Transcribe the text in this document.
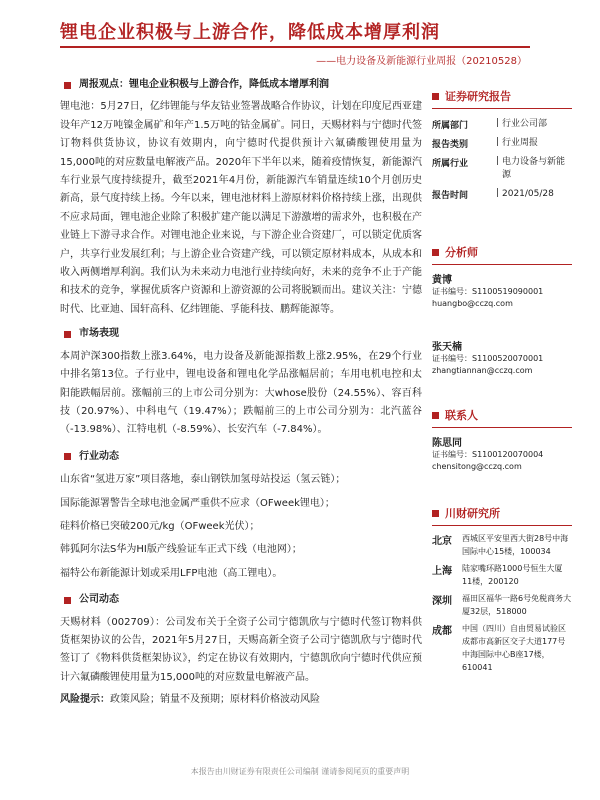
锂电企业积极与上游合作，降低成本增厚利润
——电力设备及新能源行业周报（20210528）
周报观点：锂电企业积极与上游合作，降低成本增厚利润
锂电池：5月27日，亿纬锂能与华友钴业签署战略合作协议，计划在印度尼西亚建设年产12万吨镍金属矿和年产1.5万吨的钴金属矿。同日，天赐材料与宁德时代签订物料供货协议，协议有效期内，向宁德时代提供预计六氟磷酸锂使用量为15,000吨的对应数量电解液产品。2020年下半年以来，随着疫情恢复，新能源汽车行业景气度持续提升，截至2021年4月份，新能源汽车销量连续10个月创历史新高，景气度持续上扬。今年以来，锂电池材料上游原材料价格持续上涨，出现供不应求局面，锂电池企业除了积极扩建产能以满足下游激增的需求外，也积极在产业链上下游寻求合作。对锂电池企业来说，与下游企业合资建厂，可以锁定优质客户，共享行业发展红利；与上游企业合资建产线，可以锁定原材料成本，从成本和收入两侧增厚利润。我们认为未来动力电池行业持续向好，未来的竞争不止于产能和技术的竞争，掌握优质客户资源和上游资源的公司将脱颖而出。建议关注：宁德时代、比亚迪、国轩高科、亿纬锂能、孚能科技、鹏辉能源等。
市场表现
本周沪深300指数上涨3.64%，电力设备及新能源指数上涨2.95%，在29个行业中排名第13位。子行业中，锂电设备和锂电化学品涨幅居前；车用电机电控和太阳能跌幅居前。涨幅前三的上市公司分别为：大whose股份（24.55%）、容百科技（20.97%）、中科电气（19.47%）；跌幅前三的上市公司分别为：北汽蓝谷（-13.98%）、江特电机（-8.59%）、长安汽车（-7.84%）。
行业动态
山东省“氢进万家”项目落地，泰山钢铁加氢母站投运（氢云链）；
国际能源署警告全球电池金属严重供不应求（OFweek锂电）；
硅料价格已突破200元/kg（OFweek光伏）；
韩狐阿尔法S华为HI版产线验证车正式下线（电池网）；
福特公布新能源计划或采用LFP电池（高工锂电）。
公司动态
天赐材料（002709）：公司发布关于全资子公司宁德凯欣与宁德时代签订物料供货框架协议的公告，2021年5月27日，天赐高新全资子公司宁德凯欣与宁德时代签订了《物料供货框架协议》，约定在协议有效期内，宁德凯欣向宁德时代供应预计六氟磷酸锂使用量为15,000吨的对应数量电解液产品。
风险提示：政策风险；销量不及预期；原材料价格波动风险
证券研究报告
所属部门	| 行业公司部
报告类别	| 行业周报
所属行业	| 电力设备与新能源
报告时间	| 2021/05/28
分析师
黄博
证书编号：S1100519090001
huangbo@cczq.com
张天楠
证书编号：S1100520070001
zhangtiannan@cczq.com
联系人
陈思同
证书编号：S1100120070004
chensitong@cczq.com
川财研究所
北京	西城区平安里西大街28号中海国际中心15楼，100034
上海	陆家嘴环路1000号恒生大厦11楼，200120
深圳	福田区福华一路6号免税商务大厦32层，518000
成都	中国（四川）自由贸易试验区成都市高新区交子大道177号中海国际中心B座17楼，610041
本报告由川财证券有限责任公司编制 谨请参阅尾页的重要声明
